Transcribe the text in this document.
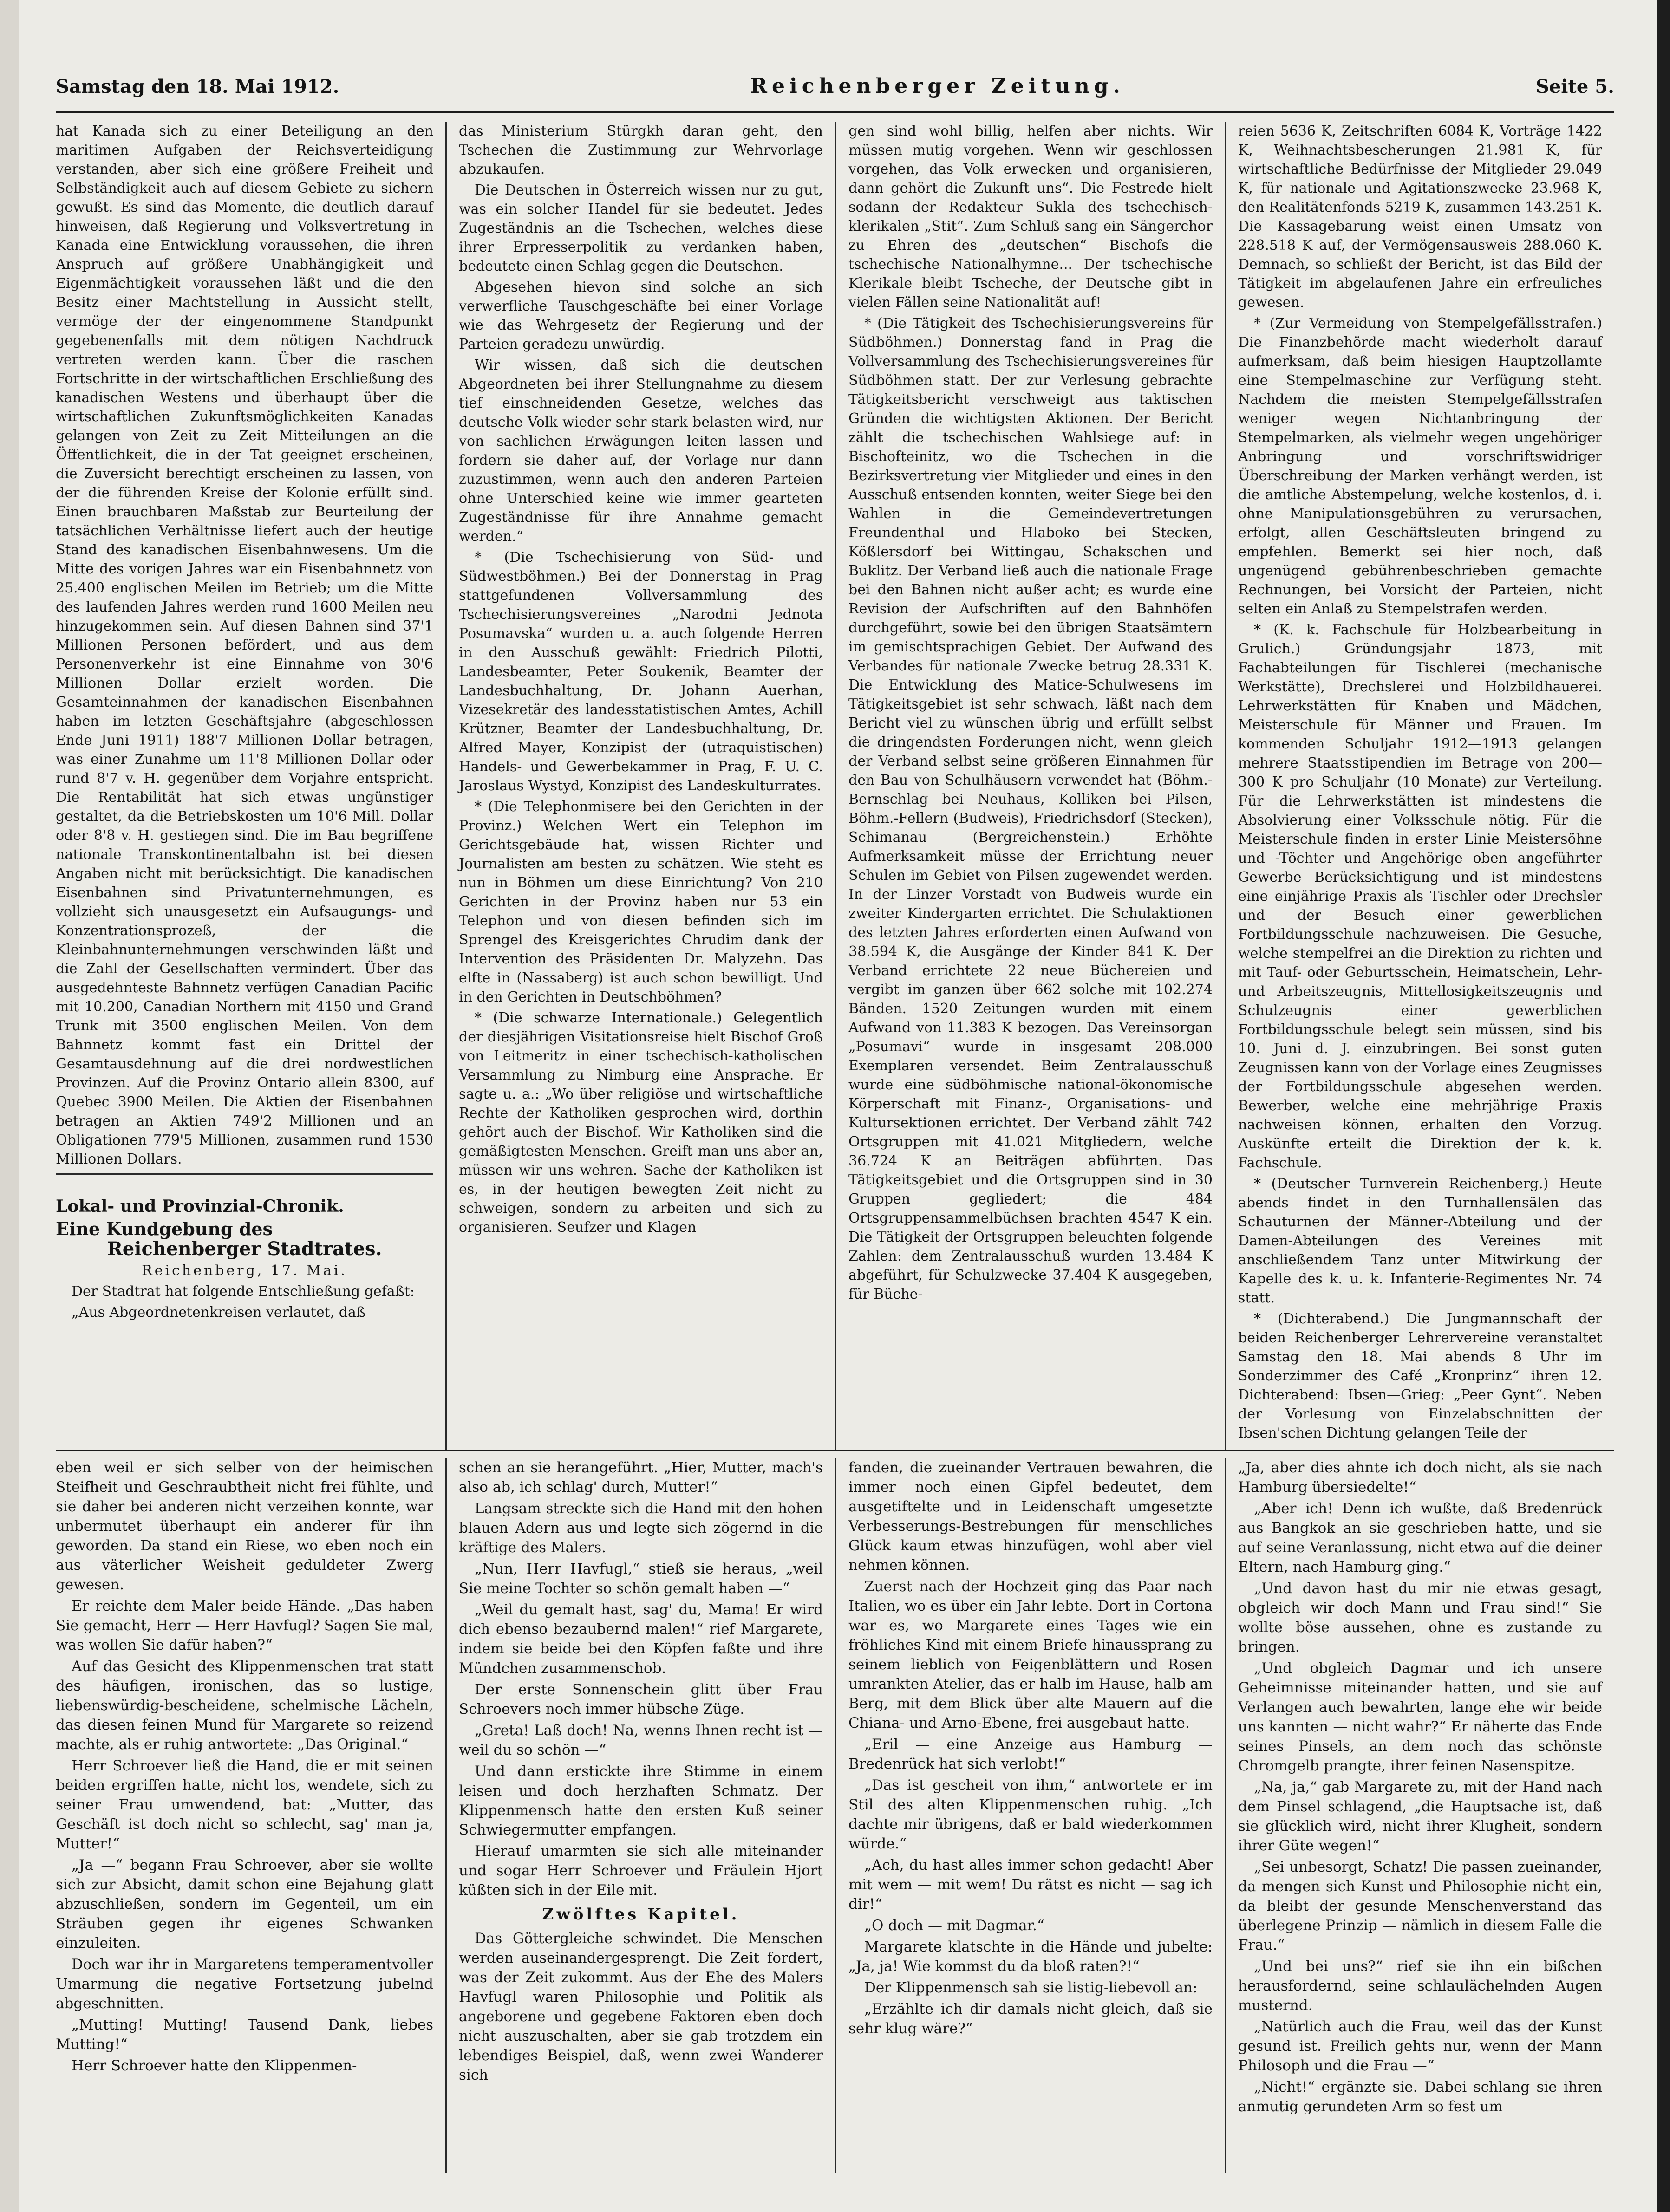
Samstag den 18. Mai 1912.	Reichenberger Zeitung.	Seite 5.

hat Kanada sich zu einer Beteiligung an den maritimen Aufgaben der Reichsverteidigung verstanden, aber sich eine größere Freiheit und Selbständigkeit auch auf diesem Gebiete zu sichern gewußt. Es sind das Momente, die deutlich darauf hinweisen, daß Regierung und Volksvertretung in Kanada eine Entwicklung voraussehen, die ihren Anspruch auf größere Unabhängigkeit und Eigenmächtigkeit voraussehen läßt und die den Besitz einer Machtstellung in Aussicht stellt, vermöge der der eingenommene Standpunkt gegebenenfalls mit dem nötigen Nachdruck vertreten werden kann. Über die raschen Fortschritte in der wirtschaftlichen Erschließung des kanadischen Westens und überhaupt über die wirtschaftlichen Zukunftsmöglichkeiten Kanadas gelangen von Zeit zu Zeit Mitteilungen an die Öffentlichkeit, die in der Tat geeignet erscheinen, die Zuversicht berechtigt erscheinen zu lassen, von der die führenden Kreise der Kolonie erfüllt sind. Einen brauchbaren Maßstab zur Beurteilung der tatsächlichen Verhältnisse liefert auch der heutige Stand des kanadischen Eisenbahnwesens. Um die Mitte des vorigen Jahres war ein Eisenbahnnetz von 25.400 englischen Meilen im Betrieb; um die Mitte des laufenden Jahres werden rund 1600 Meilen neu hinzugekommen sein. Auf diesen Bahnen sind 37'1 Millionen Personen befördert, und aus dem Personenverkehr ist eine Einnahme von 30'6 Millionen Dollar erzielt worden. Die Gesamteinnahmen der kanadischen Eisenbahnen haben im letzten Geschäftsjahre (abgeschlossen Ende Juni 1911) 188'7 Millionen Dollar betragen, was einer Zunahme um 11'8 Millionen Dollar oder rund 8'7 v. H. gegenüber dem Vorjahre entspricht. Die Rentabilität hat sich etwas ungünstiger gestaltet, da die Betriebskosten um 10'6 Mill. Dollar oder 8'8 v. H. gestiegen sind. Die im Bau begriffene nationale Transkontinentalbahn ist bei diesen Angaben nicht mit berücksichtigt. Die kanadischen Eisenbahnen sind Privatunternehmungen, es vollzieht sich unausgesetzt ein Aufsaugungs- und Konzentrationsprozeß, der die Kleinbahnunternehmungen verschwinden läßt und die Zahl der Gesellschaften vermindert. Über das ausgedehnteste Bahnnetz verfügen Canadian Pacific mit 10.200, Canadian Northern mit 4150 und Grand Trunk mit 3500 englischen Meilen. Von dem Bahnnetz kommt fast ein Drittel der Gesamtausdehnung auf die drei nordwestlichen Provinzen. Auf die Provinz Ontario allein 8300, auf Quebec 3900 Meilen. Die Aktien der Eisenbahnen betragen an Aktien 749'2 Millionen und an Obligationen 779'5 Millionen, zusammen rund 1530 Millionen Dollars.

Lokal- und Provinzial-Chronik.
Eine Kundgebung des
Reichenberger Stadtrates.
Reichenberg, 17. Mai.

Der Stadtrat hat folgende Entschließung gefaßt:

„Aus Abgeordnetenkreisen verlautet, daß

das Ministerium Stürgkh daran geht, den Tschechen die Zustimmung zur Wehrvorlage abzukaufen.

Die Deutschen in Österreich wissen nur zu gut, was ein solcher Handel für sie bedeutet. Jedes Zugeständnis an die Tschechen, welches diese ihrer Erpresserpolitik zu verdanken haben, bedeutete einen Schlag gegen die Deutschen.

Abgesehen hievon sind solche an sich verwerfliche Tauschgeschäfte bei einer Vorlage wie das Wehrgesetz der Regierung und der Parteien geradezu unwürdig.

Wir wissen, daß sich die deutschen Abgeordneten bei ihrer Stellungnahme zu diesem tief einschneidenden Gesetze, welches das deutsche Volk wieder sehr stark belasten wird, nur von sachlichen Erwägungen leiten lassen und fordern sie daher auf, der Vorlage nur dann zuzustimmen, wenn auch den anderen Parteien ohne Unterschied keine wie immer gearteten Zugeständnisse für ihre Annahme gemacht werden.“

* (Die Tschechisierung von Süd- und Südwestböhmen.) Bei der Donnerstag in Prag stattgefundenen Vollversammlung des Tschechisierungsvereines „Narodni Jednota Posumavska“ wurden u. a. auch folgende Herren in den Ausschuß gewählt: Friedrich Pilotti, Landesbeamter, Peter Soukenik, Beamter der Landesbuchhaltung, Dr. Johann Auerhan, Vizesekretär des landesstatistischen Amtes, Achill Krützner, Beamter der Landesbuchhaltung, Dr. Alfred Mayer, Konzipist der (utraquistischen) Handels- und Gewerbekammer in Prag, F. U. C. Jaroslaus Wystyd, Konzipist des Landeskulturrates.

* (Die Telephonmisere bei den Gerichten in der Provinz.) Welchen Wert ein Telephon im Gerichtsgebäude hat, wissen Richter und Journalisten am besten zu schätzen. Wie steht es nun in Böhmen um diese Einrichtung? Von 210 Gerichten in der Provinz haben nur 53 ein Telephon und von diesen befinden sich im Sprengel des Kreisgerichtes Chrudim dank der Intervention des Präsidenten Dr. Malyzehn. Das elfte in (Nassaberg) ist auch schon bewilligt. Und in den Gerichten in Deutschböhmen?

* (Die schwarze Internationale.) Gelegentlich der diesjährigen Visitationsreise hielt Bischof Groß von Leitmeritz in einer tschechisch-katholischen Versammlung zu Nimburg eine Ansprache. Er sagte u. a.: „Wo über religiöse und wirtschaftliche Rechte der Katholiken gesprochen wird, dorthin gehört auch der Bischof. Wir Katholiken sind die gemäßigtesten Menschen. Greift man uns aber an, müssen wir uns wehren. Sache der Katholiken ist es, in der heutigen bewegten Zeit nicht zu schweigen, sondern zu arbeiten und sich zu organisieren. Seufzer und Klagen

gen sind wohl billig, helfen aber nichts. Wir müssen mutig vorgehen. Wenn wir geschlossen vorgehen, das Volk erwecken und organisieren, dann gehört die Zukunft uns“. Die Festrede hielt sodann der Redakteur Sukla des tschechisch-klerikalen „Stit“. Zum Schluß sang ein Sängerchor zu Ehren des „deutschen“ Bischofs die tschechische Nationalhymne... Der tschechische Klerikale bleibt Tscheche, der Deutsche gibt in vielen Fällen seine Nationalität auf!

* (Die Tätigkeit des Tschechisierungsvereins für Südböhmen.) Donnerstag fand in Prag die Vollversammlung des Tschechisierungsvereines für Südböhmen statt. Der zur Verlesung gebrachte Tätigkeitsbericht verschweigt aus taktischen Gründen die wichtigsten Aktionen. Der Bericht zählt die tschechischen Wahlsiege auf: in Bischofteinitz, wo die Tschechen in die Bezirksvertretung vier Mitglieder und eines in den Ausschuß entsenden konnten, weiter Siege bei den Wahlen in die Gemeindevertretungen Freundenthal und Hlaboko bei Stecken, Kößlersdorf bei Wittingau, Schakschen und Buklitz. Der Verband ließ auch die nationale Frage bei den Bahnen nicht außer acht; es wurde eine Revision der Aufschriften auf den Bahnhöfen durchgeführt, sowie bei den übrigen Staatsämtern im gemischtsprachigen Gebiet. Der Aufwand des Verbandes für nationale Zwecke betrug 28.331 K. Die Entwicklung des Matice-Schulwesens im Tätigkeitsgebiet ist sehr schwach, läßt nach dem Bericht viel zu wünschen übrig und erfüllt selbst die dringendsten Forderungen nicht, wenn gleich der Verband selbst seine größeren Einnahmen für den Bau von Schulhäusern verwendet hat (Böhm.-Bernschlag bei Neuhaus, Kolliken bei Pilsen, Böhm.-Fellern (Budweis), Friedrichsdorf (Stecken), Schimanau (Bergreichenstein.) Erhöhte Aufmerksamkeit müsse der Errichtung neuer Schulen im Gebiet von Pilsen zugewendet werden. In der Linzer Vorstadt von Budweis wurde ein zweiter Kindergarten errichtet. Die Schulaktionen des letzten Jahres erforderten einen Aufwand von 38.594 K, die Ausgänge der Kinder 841 K. Der Verband errichtete 22 neue Büchereien und vergibt im ganzen über 662 solche mit 102.274 Bänden. 1520 Zeitungen wurden mit einem Aufwand von 11.383 K bezogen. Das Vereinsorgan „Posumavi“ wurde in insgesamt 208.000 Exemplaren versendet. Beim Zentralausschuß wurde eine südböhmische national-ökonomische Körperschaft mit Finanz-, Organisations- und Kultursektionen errichtet. Der Verband zählt 742 Ortsgruppen mit 41.021 Mitgliedern, welche 36.724 K an Beiträgen abführten. Das Tätigkeitsgebiet und die Ortsgruppen sind in 30 Gruppen gegliedert; die 484 Ortsgruppensammelbüchsen brachten 4547 K ein. Die Tätigkeit der Ortsgruppen beleuchten folgende Zahlen: dem Zentralausschuß wurden 13.484 K abgeführt, für Schulzwecke 37.404 K ausgegeben, für Büche-

reien 5636 K, Zeitschriften 6084 K, Vorträge 1422 K, Weihnachtsbescherungen 21.981 K, für wirtschaftliche Bedürfnisse der Mitglieder 29.049 K, für nationale und Agitationszwecke 23.968 K, den Realitätenfonds 5219 K, zusammen 143.251 K. Die Kassagebarung weist einen Umsatz von 228.518 K auf, der Vermögensausweis 288.060 K. Demnach, so schließt der Bericht, ist das Bild der Tätigkeit im abgelaufenen Jahre ein erfreuliches gewesen.

* (Zur Vermeidung von Stempelgefällsstrafen.) Die Finanzbehörde macht wiederholt darauf aufmerksam, daß beim hiesigen Hauptzollamte eine Stempelmaschine zur Verfügung steht. Nachdem die meisten Stempelgefällsstrafen weniger wegen Nichtanbringung der Stempelmarken, als vielmehr wegen ungehöriger Anbringung und vorschriftswidriger Überschreibung der Marken verhängt werden, ist die amtliche Abstempelung, welche kostenlos, d. i. ohne Manipulationsgebühren zu verursachen, erfolgt, allen Geschäftsleuten bringend zu empfehlen. Bemerkt sei hier noch, daß ungenügend gebührenbeschrieben gemachte Rechnungen, bei Vorsicht der Parteien, nicht selten ein Anlaß zu Stempelstrafen werden.

* (K. k. Fachschule für Holzbearbeitung in Grulich.) Gründungsjahr 1873, mit Fachabteilungen für Tischlerei (mechanische Werkstätte), Drechslerei und Holzbildhauerei. Lehrwerkstätten für Knaben und Mädchen, Meisterschule für Männer und Frauen. Im kommenden Schuljahr 1912—1913 gelangen mehrere Staatsstipendien im Betrage von 200—300 K pro Schuljahr (10 Monate) zur Verteilung. Für die Lehrwerkstätten ist mindestens die Absolvierung einer Volksschule nötig. Für die Meisterschule finden in erster Linie Meistersöhne und -Töchter und Angehörige oben angeführter Gewerbe Berücksichtigung und ist mindestens eine einjährige Praxis als Tischler oder Drechsler und der Besuch einer gewerblichen Fortbildungsschule nachzuweisen. Die Gesuche, welche stempelfrei an die Direktion zu richten und mit Tauf- oder Geburtsschein, Heimatschein, Lehr- und Arbeitszeugnis, Mittellosigkeitszeugnis und Schulzeugnis einer gewerblichen Fortbildungsschule belegt sein müssen, sind bis 10. Juni d. J. einzubringen. Bei sonst guten Zeugnissen kann von der Vorlage eines Zeugnisses der Fortbildungsschule abgesehen werden. Bewerber, welche eine mehrjährige Praxis nachweisen können, erhalten den Vorzug. Auskünfte erteilt die Direktion der k. k. Fachschule.

* (Deutscher Turnverein Reichenberg.) Heute abends findet in den Turnhallensälen das Schauturnen der Männer-Abteilung und der Damen-Abteilungen des Vereines mit anschließendem Tanz unter Mitwirkung der Kapelle des k. u. k. Infanterie-Regimentes Nr. 74 statt.

* (Dichterabend.) Die Jungmannschaft der beiden Reichenberger Lehrervereine veranstaltet Samstag den 18. Mai abends 8 Uhr im Sonderzimmer des Café „Kronprinz“ ihren 12. Dichterabend: Ibsen—Grieg: „Peer Gynt“. Neben der Vorlesung von Einzelabschnitten der Ibsen'schen Dichtung gelangen Teile der

eben weil er sich selber von der heimischen Steifheit und Geschraubtheit nicht frei fühlte, und sie daher bei anderen nicht verzeihen konnte, war unbermutet überhaupt ein anderer für ihn geworden. Da stand ein Riese, wo eben noch ein aus väterlicher Weisheit geduldeter Zwerg gewesen.

Er reichte dem Maler beide Hände. „Das haben Sie gemacht, Herr — Herr Havfugl? Sagen Sie mal, was wollen Sie dafür haben?“

Auf das Gesicht des Klippenmenschen trat statt des häufigen, ironischen, das so lustige, liebenswürdig-bescheidene, schelmische Lächeln, das diesen feinen Mund für Margarete so reizend machte, als er ruhig antwortete: „Das Original.“

Herr Schroever ließ die Hand, die er mit seinen beiden ergriffen hatte, nicht los, wendete, sich zu seiner Frau umwendend, bat: „Mutter, das Geschäft ist doch nicht so schlecht, sag' man ja, Mutter!“

„Ja —“ begann Frau Schroever, aber sie wollte sich zur Absicht, damit schon eine Bejahung glatt abzuschließen, sondern im Gegenteil, um ein Sträuben gegen ihr eigenes Schwanken einzuleiten.

Doch war ihr in Margaretens temperamentvoller Umarmung die negative Fortsetzung jubelnd abgeschnitten.

„Mutting! Mutting! Tausend Dank, liebes Mutting!“

Herr Schroever hatte den Klippenmen-

schen an sie herangeführt. „Hier, Mutter, mach's also ab, ich schlag' durch, Mutter!“

Langsam streckte sich die Hand mit den hohen blauen Adern aus und legte sich zögernd in die kräftige des Malers.

„Nun, Herr Havfugl,“ stieß sie heraus, „weil Sie meine Tochter so schön gemalt haben —“

„Weil du gemalt hast, sag' du, Mama! Er wird dich ebenso bezaubernd malen!“ rief Margarete, indem sie beide bei den Köpfen faßte und ihre Mündchen zusammenschob.

Der erste Sonnenschein glitt über Frau Schroevers noch immer hübsche Züge.

„Greta! Laß doch! Na, wenns Ihnen recht ist — weil du so schön —“

Und dann erstickte ihre Stimme in einem leisen und doch herzhaften Schmatz. Der Klippenmensch hatte den ersten Kuß seiner Schwiegermutter empfangen.

Hierauf umarmten sie sich alle miteinander und sogar Herr Schroever und Fräulein Hjort küßten sich in der Eile mit.

Zwölftes Kapitel.

Das Göttergleiche schwindet. Die Menschen werden auseinandergesprengt. Die Zeit fordert, was der Zeit zukommt. Aus der Ehe des Malers Havfugl waren Philosophie und Politik als angeborene und gegebene Faktoren eben doch nicht auszuschalten, aber sie gab trotzdem ein lebendiges Beispiel, daß, wenn zwei Wanderer sich

fanden, die zueinander Vertrauen bewahren, die immer noch einen Gipfel bedeutet, dem ausgetiftelte und in Leidenschaft umgesetzte Verbesserungs-Bestrebungen für menschliches Glück kaum etwas hinzufügen, wohl aber viel nehmen können.

Zuerst nach der Hochzeit ging das Paar nach Italien, wo es über ein Jahr lebte. Dort in Cortona war es, wo Margarete eines Tages wie ein fröhliches Kind mit einem Briefe hinaussprang zu seinem lieblich von Feigenblättern und Rosen umrankten Atelier, das er halb im Hause, halb am Berg, mit dem Blick über alte Mauern auf die Chiana- und Arno-Ebene, frei ausgebaut hatte.

„Eril — eine Anzeige aus Hamburg — Bredenrück hat sich verlobt!“

„Das ist gescheit von ihm,“ antwortete er im Stil des alten Klippenmenschen ruhig. „Ich dachte mir übrigens, daß er bald wiederkommen würde.“

„Ach, du hast alles immer schon gedacht! Aber mit wem — mit wem! Du rätst es nicht — sag ich dir!“

„O doch — mit Dagmar.“

Margarete klatschte in die Hände und jubelte: „Ja, ja! Wie kommst du da bloß raten?!“

Der Klippenmensch sah sie listig-liebevoll an:

„Erzählte ich dir damals nicht gleich, daß sie sehr klug wäre?“

„Ja, aber dies ahnte ich doch nicht, als sie nach Hamburg übersiedelte!“

„Aber ich! Denn ich wußte, daß Bredenrück aus Bangkok an sie geschrieben hatte, und sie auf seine Veranlassung, nicht etwa auf die deiner Eltern, nach Hamburg ging.“

„Und davon hast du mir nie etwas gesagt, obgleich wir doch Mann und Frau sind!“ Sie wollte böse aussehen, ohne es zustande zu bringen.

„Und obgleich Dagmar und ich unsere Geheimnisse miteinander hatten, und sie auf Verlangen auch bewahrten, lange ehe wir beide uns kannten — nicht wahr?“ Er näherte das Ende seines Pinsels, an dem noch das schönste Chromgelb prangte, ihrer feinen Nasenspitze.

„Na, ja,“ gab Margarete zu, mit der Hand nach dem Pinsel schlagend, „die Hauptsache ist, daß sie glücklich wird, nicht ihrer Klugheit, sondern ihrer Güte wegen!“

„Sei unbesorgt, Schatz! Die passen zueinander, da mengen sich Kunst und Philosophie nicht ein, da bleibt der gesunde Menschenverstand das überlegene Prinzip — nämlich in diesem Falle die Frau.“

„Und bei uns?“ rief sie ihn ein bißchen herausfordernd, seine schlaulächelnden Augen musternd.

„Natürlich auch die Frau, weil das der Kunst gesund ist. Freilich gehts nur, wenn der Mann Philosoph und die Frau —“

„Nicht!“ ergänzte sie. Dabei schlang sie ihren anmutig gerundeten Arm so fest um
